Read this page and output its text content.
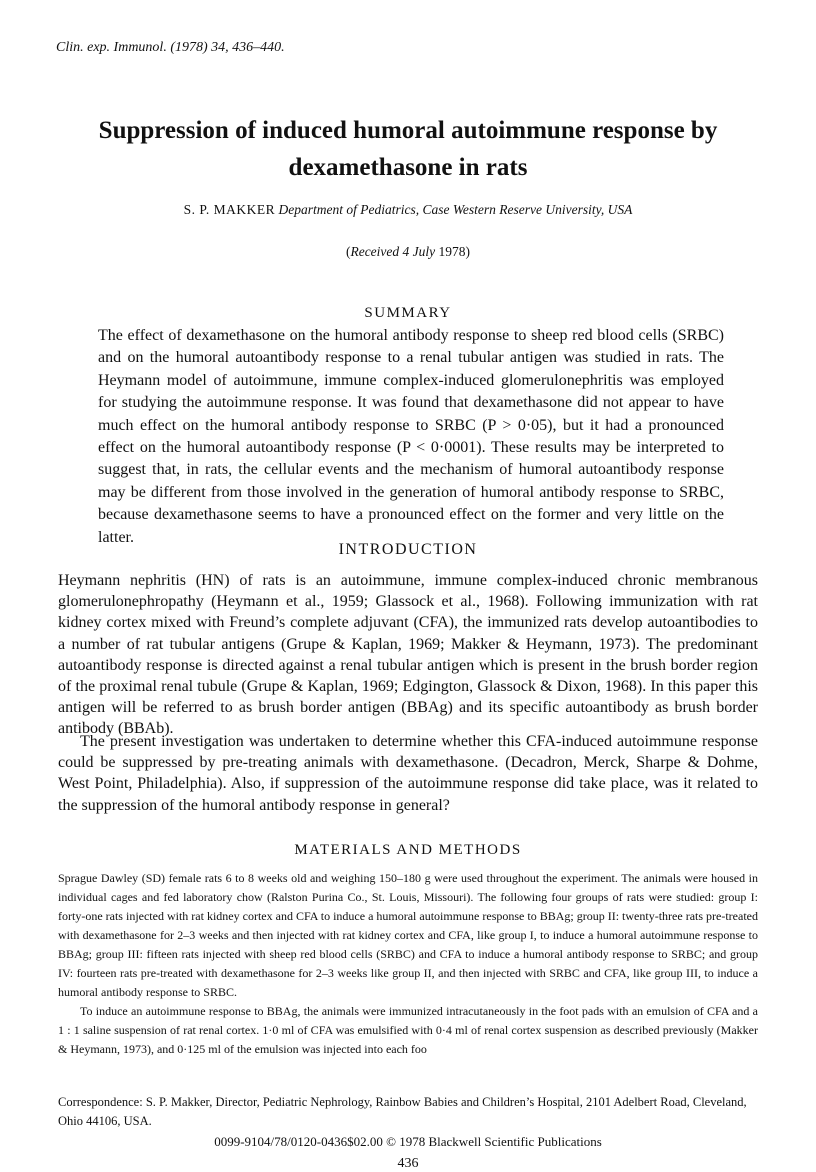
Clin. exp. Immunol. (1978) 34, 436–440.
Suppression of induced humoral autoimmune response by dexamethasone in rats
S. P. MAKKER Department of Pediatrics, Case Western Reserve University, USA
(Received 4 July 1978)
SUMMARY
The effect of dexamethasone on the humoral antibody response to sheep red blood cells (SRBC) and on the humoral autoantibody response to a renal tubular antigen was studied in rats. The Heymann model of autoimmune, immune complex-induced glomerulonephritis was employed for studying the autoimmune response. It was found that dexamethasone did not appear to have much effect on the humoral antibody response to SRBC (P > 0·05), but it had a pronounced effect on the humoral autoantibody response (P < 0·0001). These results may be interpreted to suggest that, in rats, the cellular events and the mechanism of humoral autoantibody response may be different from those involved in the generation of humoral antibody response to SRBC, because dexamethasone seems to have a pronounced effect on the former and very little on the latter.
INTRODUCTION
Heymann nephritis (HN) of rats is an autoimmune, immune complex-induced chronic membranous glomerulonephropathy (Heymann et al., 1959; Glassock et al., 1968). Following immunization with rat kidney cortex mixed with Freund’s complete adjuvant (CFA), the immunized rats develop autoantibodies to a number of rat tubular antigens (Grupe & Kaplan, 1969; Makker & Heymann, 1973). The predominant autoantibody response is directed against a renal tubular antigen which is present in the brush border region of the proximal renal tubule (Grupe & Kaplan, 1969; Edgington, Glassock & Dixon, 1968). In this paper this antigen will be referred to as brush border antigen (BBAg) and its specific autoantibody as brush border antibody (BBAb).
The present investigation was undertaken to determine whether this CFA-induced autoimmune response could be suppressed by pre-treating animals with dexamethasone. (Decadron, Merck, Sharpe & Dohme, West Point, Philadelphia). Also, if suppression of the autoimmune response did take place, was it related to the suppression of the humoral antibody response in general?
MATERIALS AND METHODS
Sprague Dawley (SD) female rats 6 to 8 weeks old and weighing 150–180 g were used throughout the experiment. The animals were housed in individual cages and fed laboratory chow (Ralston Purina Co., St. Louis, Missouri). The following four groups of rats were studied: group I: forty-one rats injected with rat kidney cortex and CFA to induce a humoral autoimmune response to BBAg; group II: twenty-three rats pre-treated with dexamethasone for 2–3 weeks and then injected with rat kidney cortex and CFA, like group I, to induce a humoral autoimmune response to BBAg; group III: fifteen rats injected with sheep red blood cells (SRBC) and CFA to induce a humoral antibody response to SRBC; and group IV: fourteen rats pre-treated with dexamethasone for 2–3 weeks like group II, and then injected with SRBC and CFA, like group III, to induce a humoral antibody response to SRBC.
To induce an autoimmune response to BBAg, the animals were immunized intracutaneously in the foot pads with an emulsion of CFA and a 1 : 1 saline suspension of rat renal cortex. 1·0 ml of CFA was emulsified with 0·4 ml of renal cortex suspension as described previously (Makker & Heymann, 1973), and 0·125 ml of the emulsion was injected into each foo
Correspondence: S. P. Makker, Director, Pediatric Nephrology, Rainbow Babies and Children’s Hospital, 2101 Adelbert Road, Cleveland, Ohio 44106, USA.
0099-9104/78/0120-0436$02.00 © 1978 Blackwell Scientific Publications
436
